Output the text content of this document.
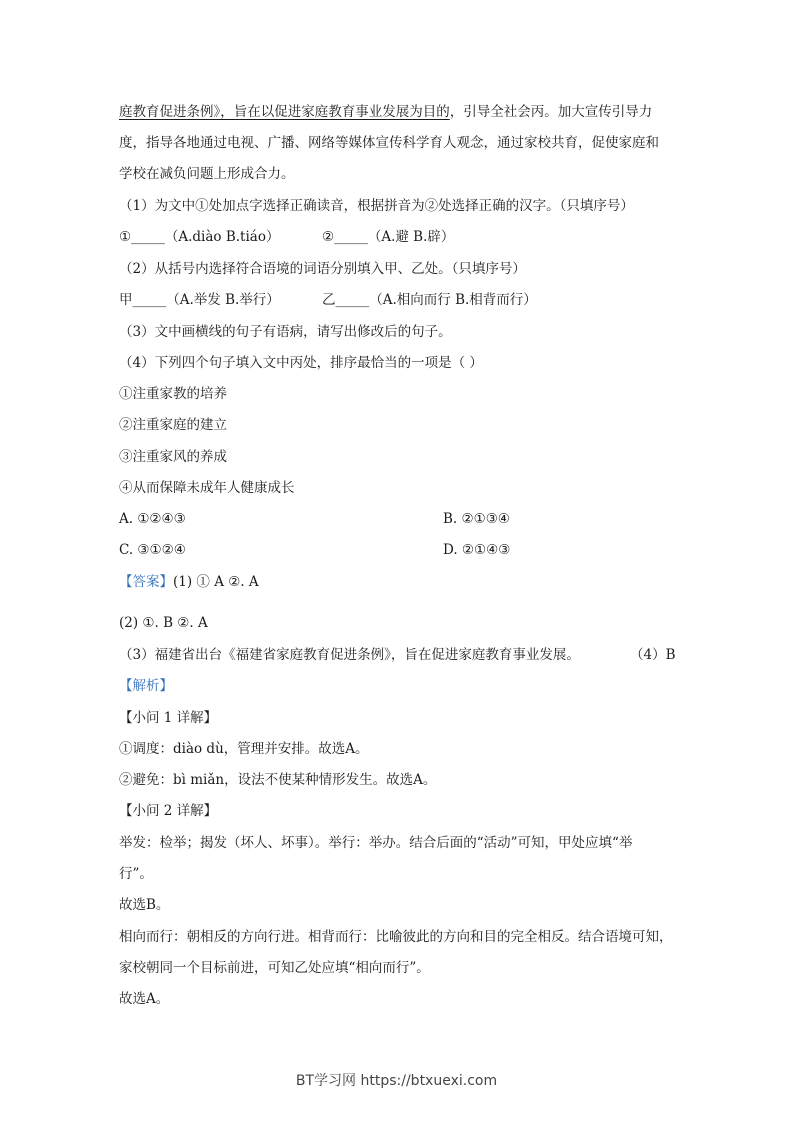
庭教育促进条例》，旨在以促进家庭教育事业发展为目的，引导全社会丙。加大宣传引导力
度，指导各地通过电视、广播、网络等媒体宣传科学育人观念，通过家校共育，促使家庭和
学校在减负问题上形成合力。
（1）为文中①处加点字选择正确读音，根据拼音为②处选择正确的汉字。（只填序号）
①_____（A.diào B.tiáo）	②_____（A.避 B.辟）
（2）从括号内选择符合语境的词语分别填入甲、乙处。（只填序号）
甲_____（A.举发 B.举行）	乙_____（A.相向而行 B.相背而行）
（3）文中画横线的句子有语病，请写出修改后的句子。
（4）下列四个句子填入文中丙处，排序最恰当的一项是（ ）
①注重家教的培养
②注重家庭的建立
③注重家风的养成
④从而保障未成年人健康成长
A. ①②④③	B. ②①③④
C. ③①②④	D. ②①④③
【答案】(1) ① A ②. A
(2) ①. B ②. A
（3）福建省出台《福建省家庭教育促进条例》，旨在促进家庭教育事业发展。	（4）B
【解析】
【小问 1 详解】
①调度：diào dù，管理并安排。故选A。
②避免：bì miǎn，设法不使某种情形发生。故选A。
【小问 2 详解】
举发：检举；揭发（坏人、坏事）。举行：举办。结合后面的“活动”可知，甲处应填“举
行”。
故选B。
相向而行：朝相反的方向行进。相背而行：比喻彼此的方向和目的完全相反。结合语境可知，
家校朝同一个目标前进，可知乙处应填“相向而行”。
故选A。
BT学习网 https://btxuexi.com
